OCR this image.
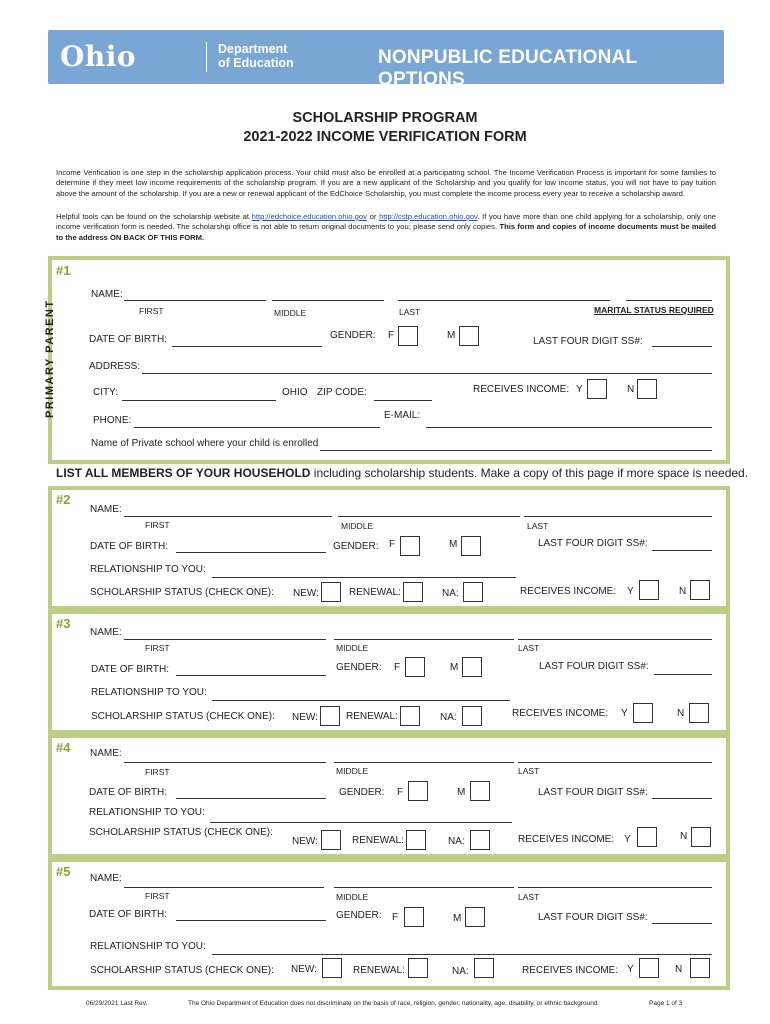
Ohio	Department
of Education	NONPUBLIC EDUCATIONAL OPTIONS
SCHOLARSHIP PROGRAM
2021-2022 INCOME VERIFICATION FORM
Income Verification is one step in the scholarship application process. Your child must also be enrolled at a participating school. The Income Verification Process is important for some families to determine if they meet low income requirements of the scholarship program. If you are a new applicant of the Scholarship and you qualify for low income status, you will not have to pay tuition above the amount of the scholarship. If you are a new or renewal applicant of the EdChoice Scholarship, you must complete the income process every year to receive a scholarship award.
Helpful tools can be found on the scholarship website at http://edchoice.education.ohio.gov or http://cstp.education.ohio.gov. If you have more than one child applying for a scholarship, only one income verification form is needed. The scholarship office is not able to return original documents to you; please send only copies. This form and copies of income documents must be mailed to the address ON BACK OF THIS FORM.
#1
PRIMARY PARENT
NAME:
FIRST	MIDDLE	LAST	MARITAL STATUS REQUIRED
DATE OF BIRTH:	GENDER: F	M
LAST FOUR DIGIT SS#:
ADDRESS:
CITY:	OHIO ZIP CODE:	RECEIVES INCOME: Y	N
PHONE:	E-MAIL:
Name of Private school where your child is enrolled
LIST ALL MEMBERS OF YOUR HOUSEHOLD including scholarship students. Make a copy of this page if more space is needed.
#2
NAME:
FIRST	MIDDLE	LAST
DATE OF BIRTH:	GENDER: F	M	LAST FOUR DIGIT SS#:
RELATIONSHIP TO YOU:
SCHOLARSHIP STATUS (CHECK ONE): NEW:	RENEWAL:	NA:	RECEIVES INCOME: Y	N
#3
NAME:
FIRST	MIDDLE	LAST
DATE OF BIRTH:	GENDER: F	M	LAST FOUR DIGIT SS#:
RELATIONSHIP TO YOU:
SCHOLARSHIP STATUS (CHECK ONE): NEW:	RENEWAL:	NA:	RECEIVES INCOME: Y	N
#4 NAME:
FIRST	MIDDLE	LAST
DATE OF BIRTH:	GENDER: F	M	LAST FOUR DIGIT SS#:
RELATIONSHIP TO YOU:
SCHOLARSHIP STATUS (CHECK ONE):
NEW:	RENEWAL:	NA:	RECEIVES INCOME: Y	N
#5 NAME:
FIRST	MIDDLE	LAST
DATE OF BIRTH:	GENDER: F	M	LAST FOUR DIGIT SS#:
RELATIONSHIP TO YOU:
SCHOLARSHIP STATUS (CHECK ONE): NEW:	RENEWAL:	NA:	RECEIVES INCOME: Y	N
06/29/2021 Last Rev.	The Ohio Department of Education does not discriminate on the basis of race, religion, gender, nationality, age, disability, or ethnic background.	Page 1 of 3
